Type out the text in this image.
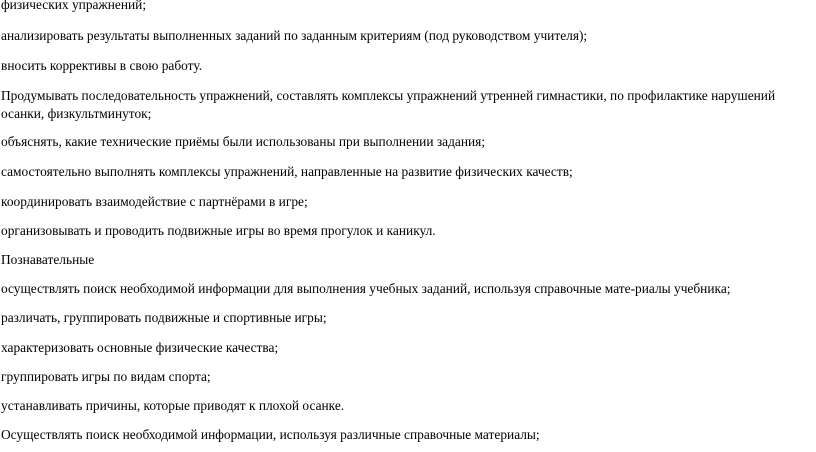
физических упражнений;

анализировать результаты выполненных заданий по заданным критериям (под руководством учителя);

вносить коррективы в свою работу.

Продумывать последовательность упражнений, составлять комплексы упражнений утренней гимнастики, по профилактике нарушений осанки, физкультминуток;

объяснять, какие технические приёмы были использованы при выполнении задания;

самостоятельно выполнять комплексы упражнений, направленные на развитие физических качеств;

координировать взаимодействие с партнёрами в игре;

организовывать и проводить подвижные игры во время прогулок и каникул.

Познавательные

осуществлять поиск необходимой информации для выполнения учебных заданий, используя справочные мате-риалы учебника;

различать, группировать подвижные и спортивные игры;

характеризовать основные физические качества;

группировать игры по видам спорта;

устанавливать причины, которые приводят к плохой осанке.

Осуществлять поиск необходимой информации, используя различные справочные материалы;
